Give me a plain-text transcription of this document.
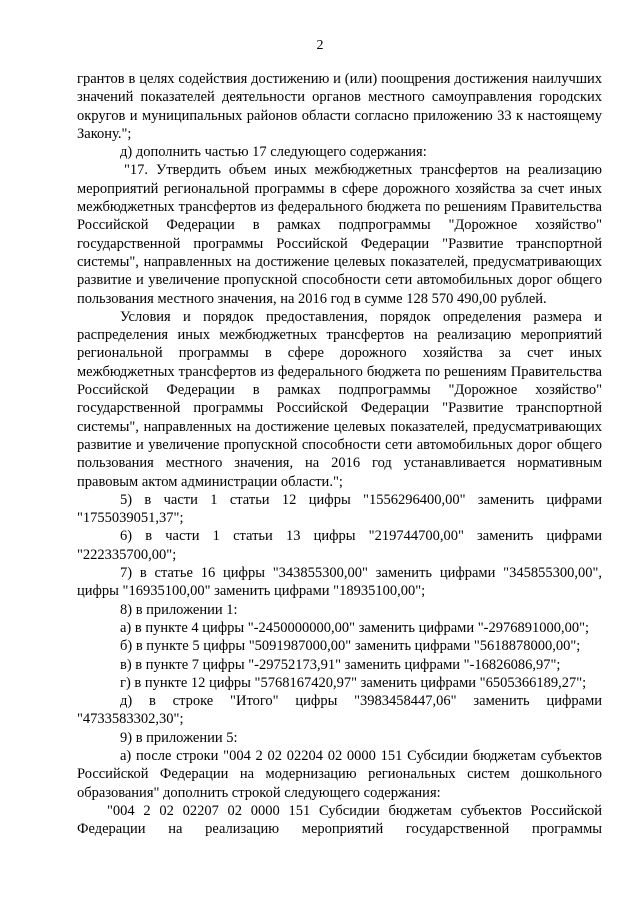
2

грантов в целях содействия достижению и (или) поощрения достижения наилучших значений показателей деятельности органов местного самоуправления городских округов и муниципальных районов области согласно приложению 33 к настоящему Закону.";

д) дополнить частью 17 следующего содержания:

"17. Утвердить объем иных межбюджетных трансфертов на реализацию мероприятий региональной программы в сфере дорожного хозяйства за счет иных межбюджетных трансфертов из федерального бюджета по решениям Правительства Российской Федерации в рамках подпрограммы "Дорожное хозяйство" государственной программы Российской Федерации "Развитие транспортной системы", направленных на достижение целевых показателей, предусматривающих развитие и увеличение пропускной способности сети автомобильных дорог общего пользования местного значения, на 2016 год в сумме 128 570 490,00 рублей.

Условия и порядок предоставления, порядок определения размера и распределения иных межбюджетных трансфертов на реализацию мероприятий региональной программы в сфере дорожного хозяйства за счет иных межбюджетных трансфертов из федерального бюджета по решениям Правительства Российской Федерации в рамках подпрограммы "Дорожное хозяйство" государственной программы Российской Федерации "Развитие транспортной системы", направленных на достижение целевых показателей, предусматривающих развитие и увеличение пропускной способности сети автомобильных дорог общего пользования местного значения, на 2016 год устанавливается нормативным правовым актом администрации области.";

5) в части 1 статьи 12 цифры "1556296400,00" заменить цифрами "1755039051,37";

6) в части 1 статьи 13 цифры "219744700,00" заменить цифрами "222335700,00";

7) в статье 16 цифры "343855300,00" заменить цифрами "345855300,00", цифры "16935100,00" заменить цифрами "18935100,00";

8) в приложении 1:

а) в пункте 4 цифры "-2450000000,00" заменить цифрами "-2976891000,00";

б) в пункте 5 цифры "5091987000,00" заменить цифрами "5618878000,00";

в) в пункте 7 цифры "-29752173,91" заменить цифрами "-16826086,97";

г) в пункте 12 цифры "5768167420,97" заменить цифрами "6505366189,27";

д) в строке "Итого" цифры "3983458447,06" заменить цифрами "4733583302,30";

9) в приложении 5:

а) после строки "004 2 02 02204 02 0000 151 Субсидии бюджетам субъектов Российской Федерации на модернизацию региональных систем дошкольного образования" дополнить строкой следующего содержания:

"004 2 02 02207 02 0000 151 Субсидии бюджетам субъектов Российской Федерации на реализацию мероприятий государственной программы
